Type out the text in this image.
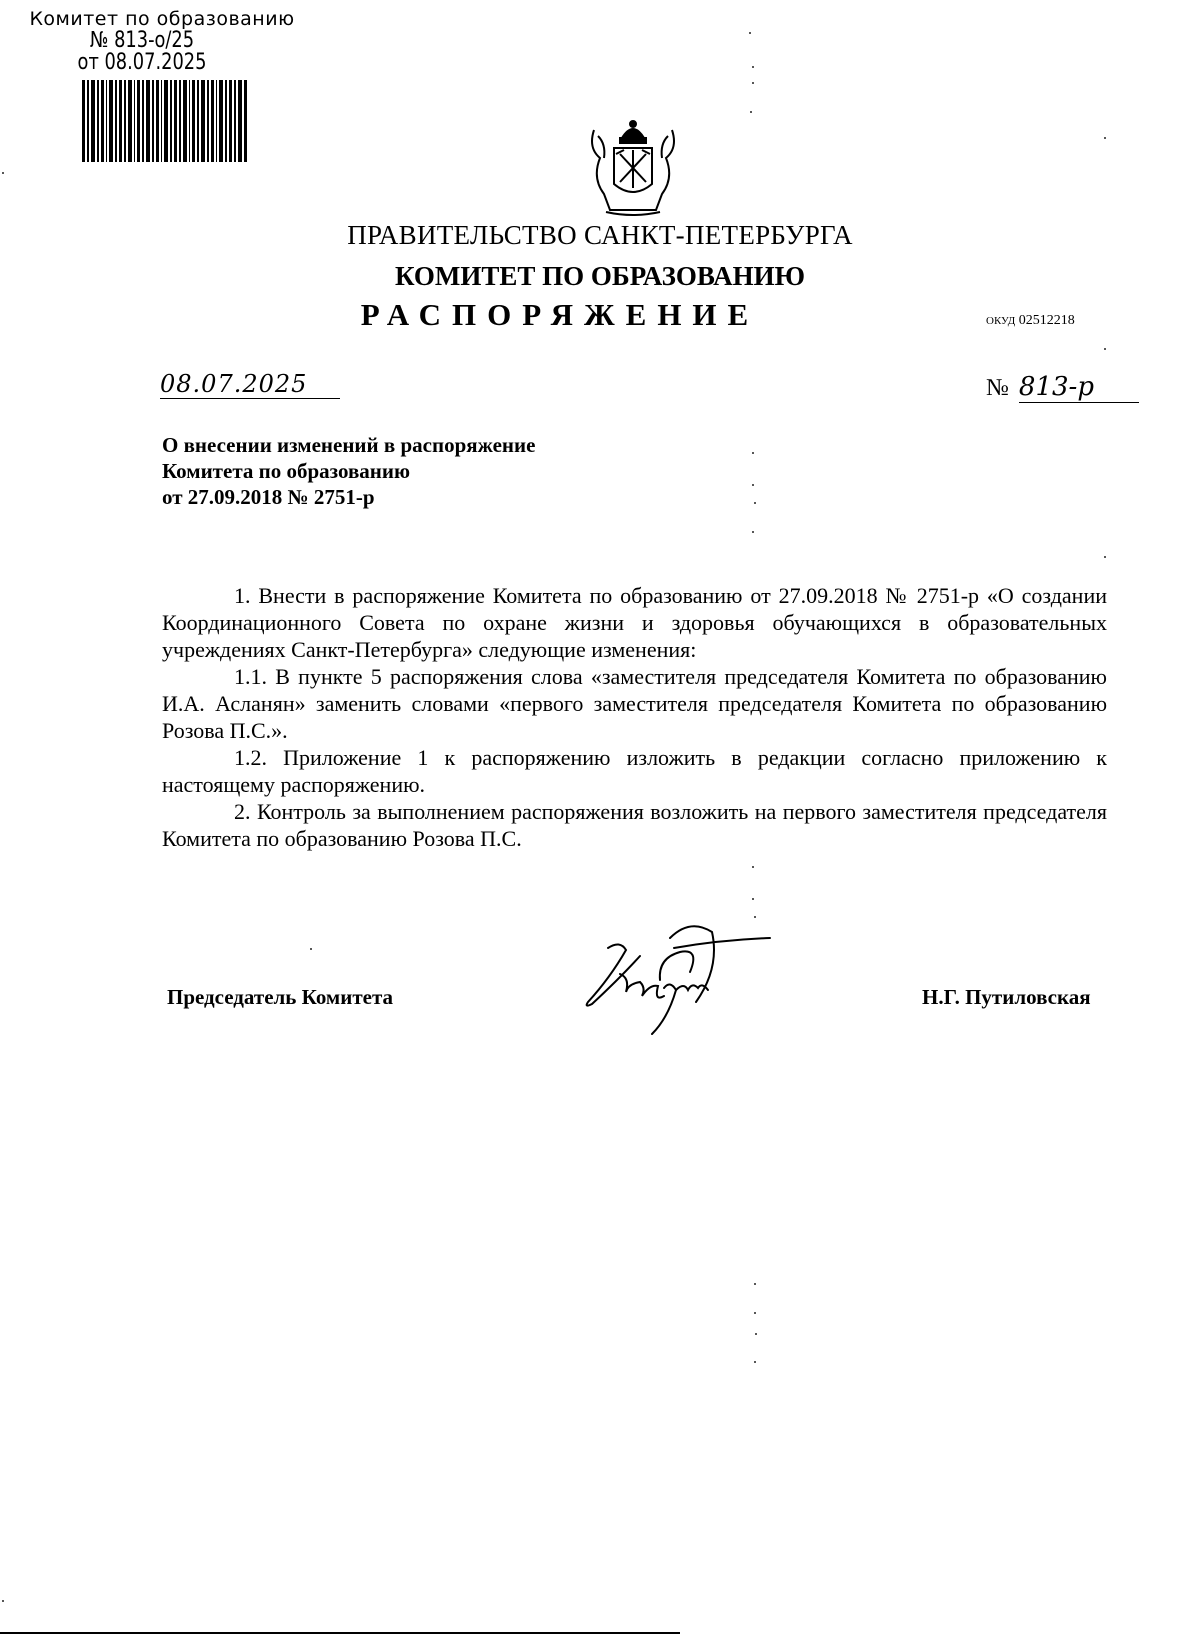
Комитет по образованию
№ 813-о/25
от 08.07.2025
ПРАВИТЕЛЬСТВО САНКТ-ПЕТЕРБУРГА
КОМИТЕТ ПО ОБРАЗОВАНИЮ
РАСПОРЯЖЕНИЕ	ОКУД 02512218
08.07.2025	№ 813-р
О внесении изменений в распоряжение
Комитета по образованию
от 27.09.2018 № 2751-р

1. Внести в распоряжение Комитета по образованию от 27.09.2018 № 2751-р «О создании Координационного Совета по охране жизни и здоровья обучающихся в образовательных учреждениях Санкт-Петербурга» следующие изменения:

1.1. В пункте 5 распоряжения слова «заместителя председателя Комитета по образованию И.А. Асланян» заменить словами «первого заместителя председателя Комитета по образованию Розова П.С.».

1.2. Приложение 1 к распоряжению изложить в редакции согласно приложению к настоящему распоряжению.

2. Контроль за выполнением распоряжения возложить на первого заместителя председателя Комитета по образованию Розова П.С.

Председатель Комитета	Н.Г. Путиловская
